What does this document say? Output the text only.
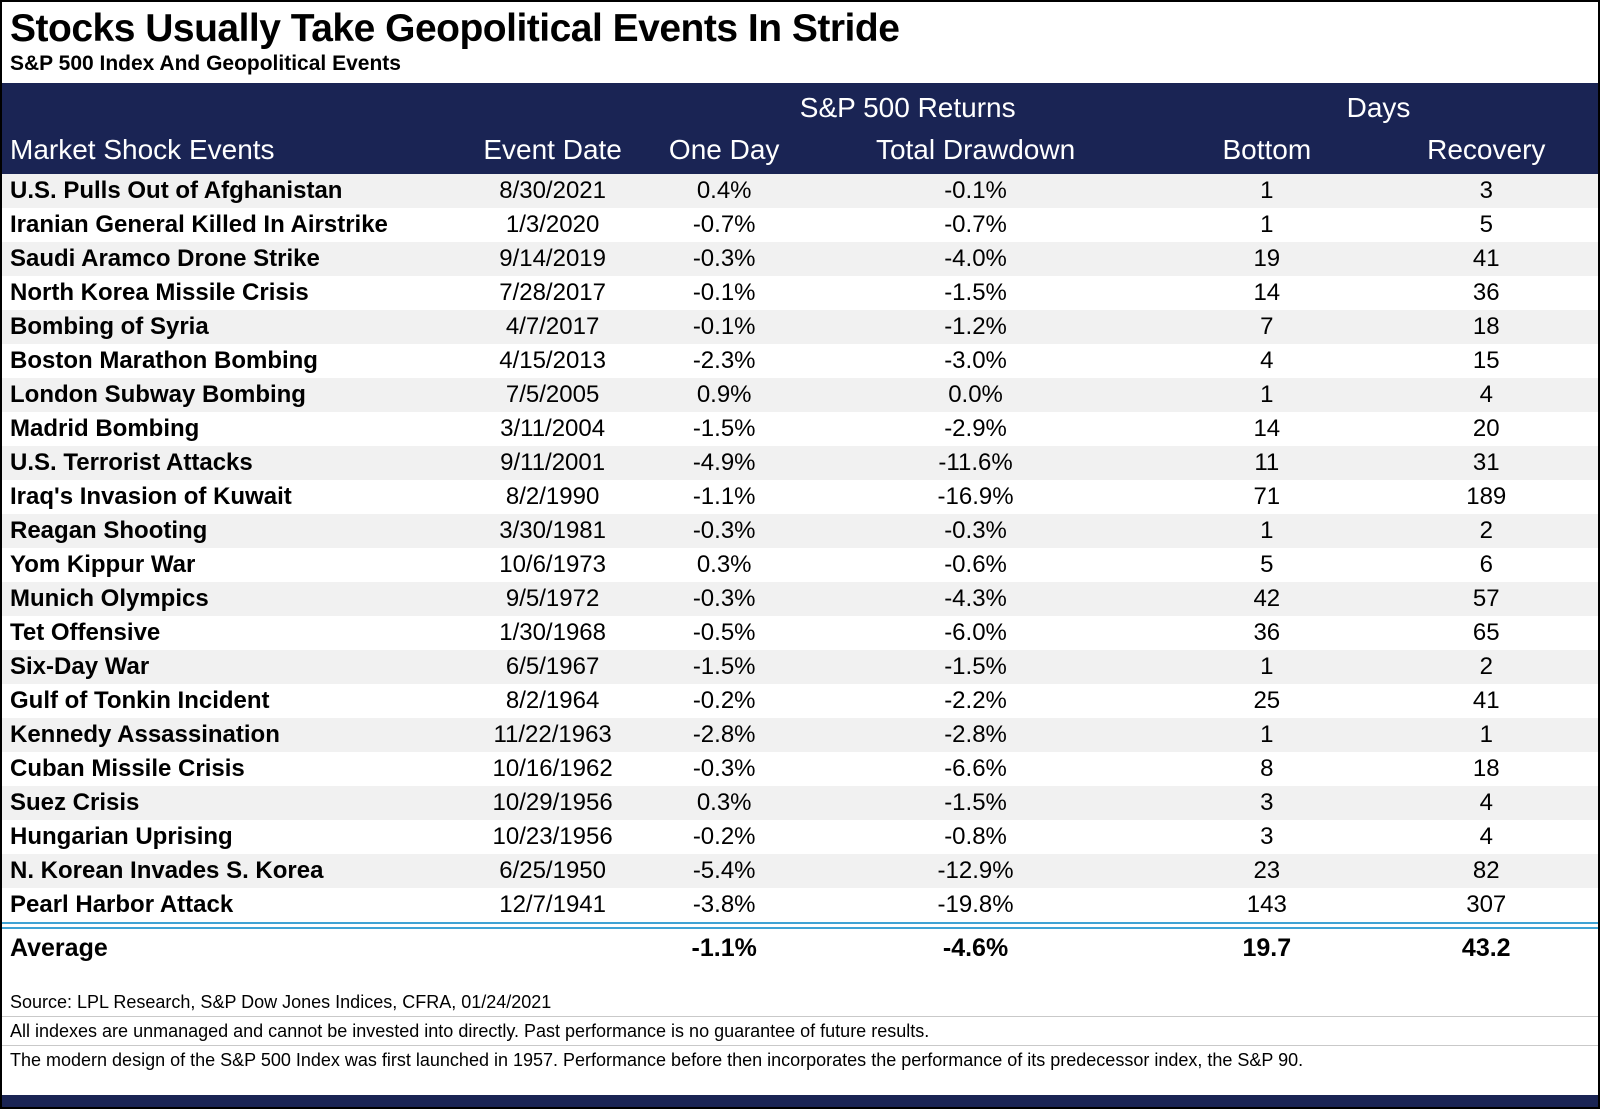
Stocks Usually Take Geopolitical Events In Stride
S&P 500 Index And Geopolitical Events
		S&P 500 Returns		Days	
Market Shock Events	Event Date	One Day	Total Drawdown	Bottom	Recovery
U.S. Pulls Out of Afghanistan	8/30/2021	0.4%	-0.1%	1	3
Iranian General Killed In Airstrike	1/3/2020	-0.7%	-0.7%	1	5
Saudi Aramco Drone Strike	9/14/2019	-0.3%	-4.0%	19	41
North Korea Missile Crisis	7/28/2017	-0.1%	-1.5%	14	36
Bombing of Syria	4/7/2017	-0.1%	-1.2%	7	18
Boston Marathon Bombing	4/15/2013	-2.3%	-3.0%	4	15
London Subway Bombing	7/5/2005	0.9%	0.0%	1	4
Madrid Bombing	3/11/2004	-1.5%	-2.9%	14	20
U.S. Terrorist Attacks	9/11/2001	-4.9%	-11.6%	11	31
Iraq's Invasion of Kuwait	8/2/1990	-1.1%	-16.9%	71	189
Reagan Shooting	3/30/1981	-0.3%	-0.3%	1	2
Yom Kippur War	10/6/1973	0.3%	-0.6%	5	6
Munich Olympics	9/5/1972	-0.3%	-4.3%	42	57
Tet Offensive	1/30/1968	-0.5%	-6.0%	36	65
Six-Day War	6/5/1967	-1.5%	-1.5%	1	2
Gulf of Tonkin Incident	8/2/1964	-0.2%	-2.2%	25	41
Kennedy Assassination	11/22/1963	-2.8%	-2.8%	1	1
Cuban Missile Crisis	10/16/1962	-0.3%	-6.6%	8	18
Suez Crisis	10/29/1956	0.3%	-1.5%	3	4
Hungarian Uprising	10/23/1956	-0.2%	-0.8%	3	4
N. Korean Invades S. Korea	6/25/1950	-5.4%	-12.9%	23	82
Pearl Harbor Attack	12/7/1941	-3.8%	-19.8%	143	307
Average		-1.1%	-4.6%	19.7	43.2
Source: LPL Research, S&P Dow Jones Indices, CFRA, 01/24/2021
All indexes are unmanaged and cannot be invested into directly. Past performance is no guarantee of future results.
The modern design of the S&P 500 Index was first launched in 1957. Performance before then incorporates the performance of its predecessor index, the S&P 90.
